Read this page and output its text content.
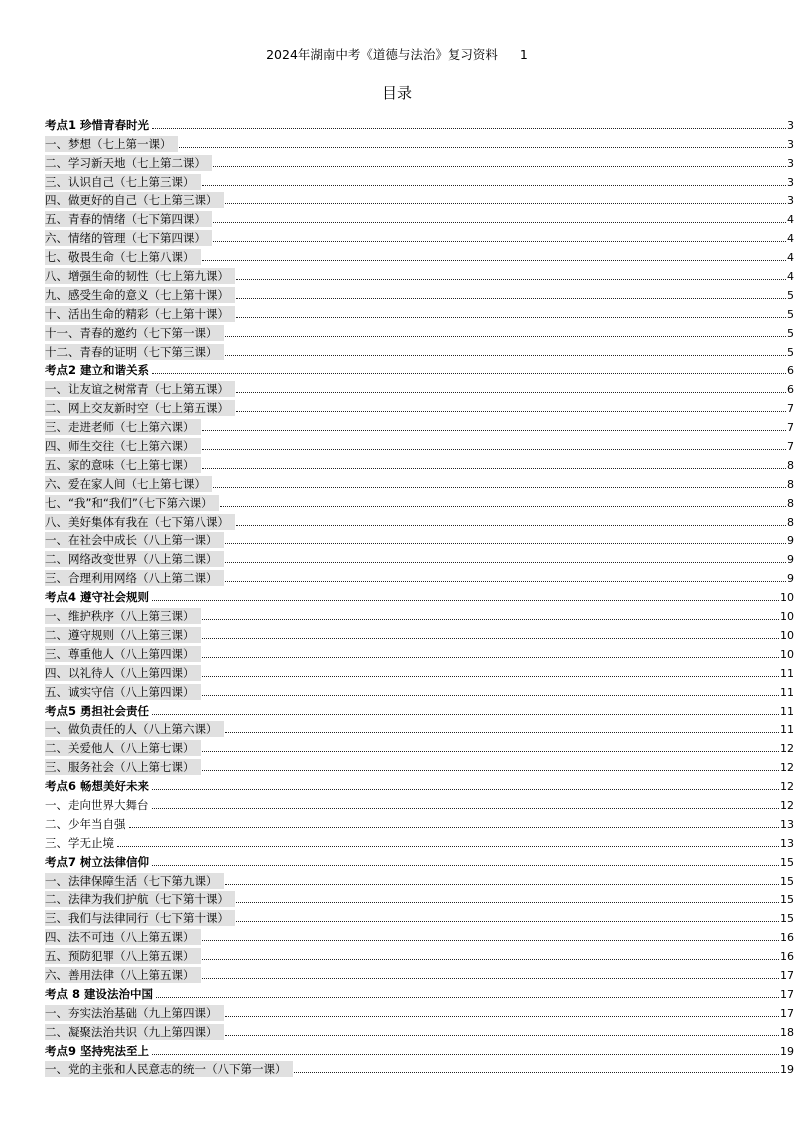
2024年湖南中考《道德与法治》复习资料 1
目录
考点1 珍惜青春时光	3
一、梦想（七上第一课）	3
二、学习新天地（七上第二课）	3
三、认识自己（七上第三课）	3
四、做更好的自己（七上第三课）	3
五、青春的情绪（七下第四课）	4
六、情绪的管理（七下第四课）	4
七、敬畏生命（七上第八课）	4
八、增强生命的韧性（七上第九课）	4
九、感受生命的意义（七上第十课）	5
十、活出生命的精彩（七上第十课）	5
十一、青春的邀约（七下第一课）	5
十二、青春的证明（七下第三课）	5
考点2 建立和谐关系	6
一、让友谊之树常青（七上第五课）	6
二、网上交友新时空（七上第五课）	7
三、走进老师（七上第六课）	7
四、师生交往（七上第六课）	7
五、家的意味（七上第七课）	8
六、爱在家人间（七上第七课）	8
七、“我”和“我们”（七下第六课）	8
八、美好集体有我在（七下第八课）	8
一、在社会中成长（八上第一课）	9
二、网络改变世界（八上第二课）	9
三、合理利用网络（八上第二课）	9
考点4 遵守社会规则	10
一、维护秩序（八上第三课）	10
二、遵守规则（八上第三课）	10
三、尊重他人（八上第四课）	10
四、以礼待人（八上第四课）	11
五、诚实守信（八上第四课）	11
考点5 勇担社会责任	11
一、做负责任的人（八上第六课）	11
二、关爱他人（八上第七课）	12
三、服务社会（八上第七课）	12
考点6 畅想美好未来	12
一、走向世界大舞台	12
二、少年当自强	13
三、学无止境	13
考点7 树立法律信仰	15
一、法律保障生活（七下第九课）	15
二、法律为我们护航（七下第十课）	15
三、我们与法律同行（七下第十课）	15
四、法不可违（八上第五课）	16
五、预防犯罪（八上第五课）	16
六、善用法律（八上第五课）	17
考点 8 建设法治中国	17
一、夯实法治基础（九上第四课）	17
二、凝聚法治共识（九上第四课）	18
考点9 坚持宪法至上	19
一、党的主张和人民意志的统一（八下第一课）	19
